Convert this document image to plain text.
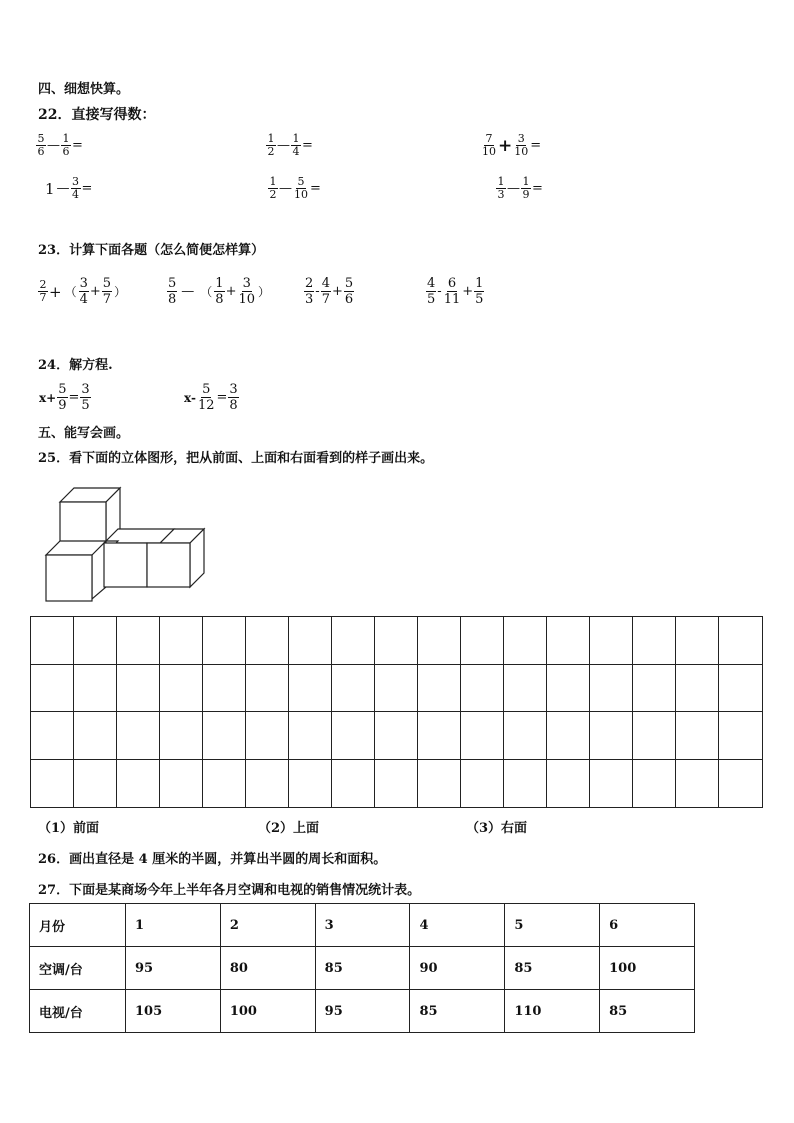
四、细想快算。
22．直接写得数：
$\frac{5}{6}$ — $\frac{1}{6}$ =	$\frac{1}{2}$ — $\frac{1}{4}$ =	$\frac{7}{10} + \frac{3}{10}$ =
1 — $\frac{3}{4}$ =	$\frac{1}{2}$ — $\frac{5}{10}$ =	$\frac{1}{3}$ — $\frac{1}{9}$ =
23．计算下面各题（怎么简便怎样算）
$\frac{2}{7}$ + （ $\frac{3}{4} + \frac{5}{7}$ ）	$\frac{5}{8}$ — （ $\frac{1}{8} + \frac{3}{10}$ ）	$\frac{2}{3} - \frac{4}{7} + \frac{5}{6}$	$\frac{4}{5} - \frac{6}{11} + \frac{1}{5}$
24．解方程.
$x+ \frac{5}{9} = \frac{3}{5}$	$x- \frac{5}{12} = \frac{3}{8}$
五、能写会画。
25．看下面的立体图形，把从前面、上面和右面看到的样子画出来。
（1）前面	（2）上面	（3）右面
26．画出直径是 4 厘米的半圆，并算出半圆的周长和面积。
27．下面是某商场今年上半年各月空调和电视的销售情况统计表。
月份	1	2	3	4	5	6
空调/台	95	80	85	90	85	100
电视/台	105	100	95	85	110	85
